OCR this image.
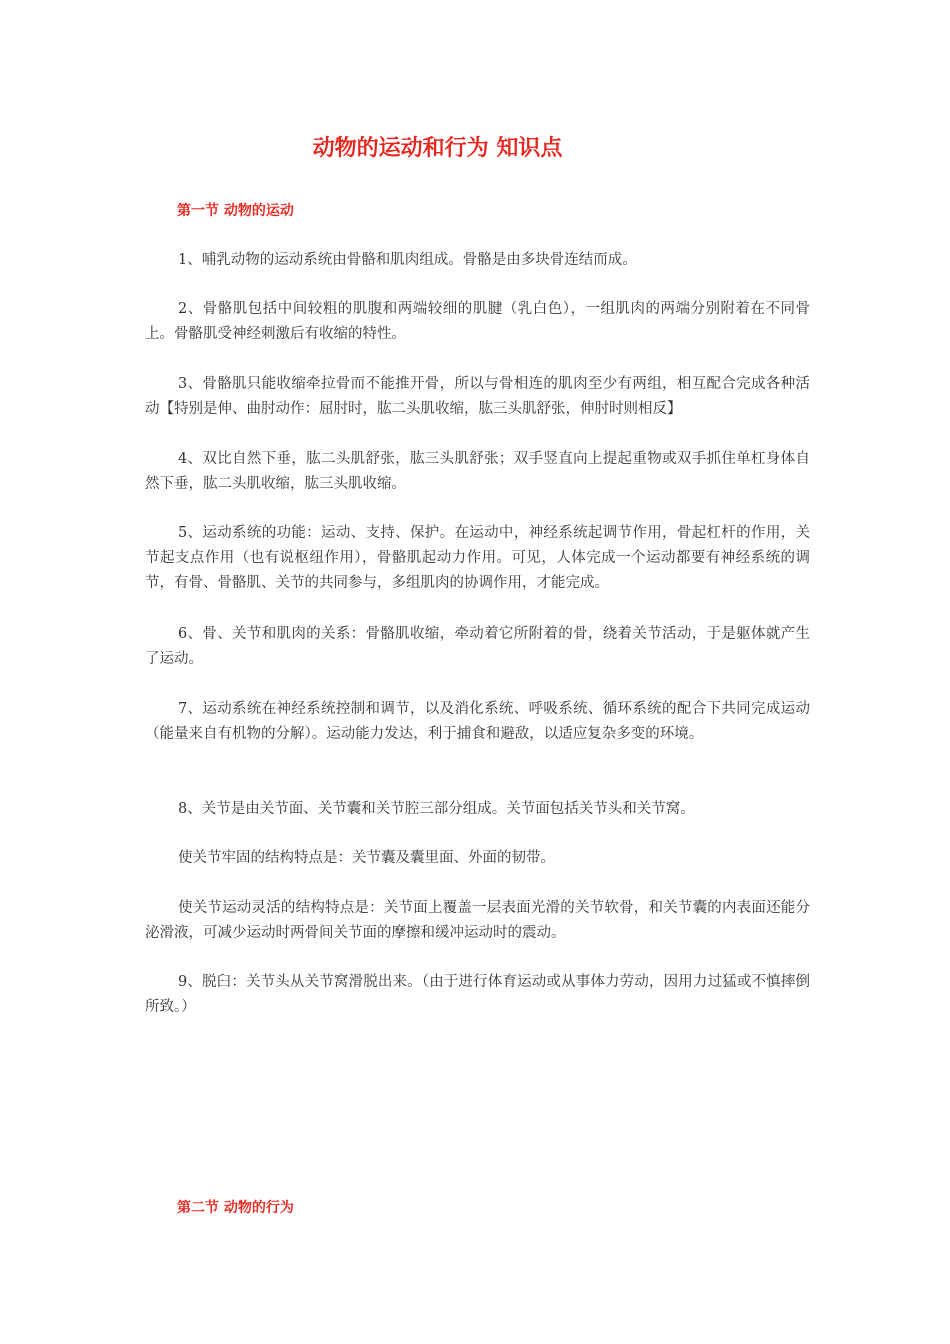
动物的运动和行为 知识点
第一节 动物的运动

1、哺乳动物的运动系统由骨骼和肌肉组成。骨骼是由多块骨连结而成。

2、骨骼肌包括中间较粗的肌腹和两端较细的肌腱（乳白色），一组肌肉的两端分别附着在不同骨上。骨骼肌受神经刺激后有收缩的特性。

3、骨骼肌只能收缩牵拉骨而不能推开骨，所以与骨相连的肌肉至少有两组，相互配合完成各种活动【特别是伸、曲肘动作：屈肘时，肱二头肌收缩，肱三头肌舒张，伸肘时则相反】

4、双比自然下垂，肱二头肌舒张，肱三头肌舒张；双手竖直向上提起重物或双手抓住单杠身体自然下垂，肱二头肌收缩，肱三头肌收缩。

5、运动系统的功能：运动、支持、保护。在运动中，神经系统起调节作用，骨起杠杆的作用，关节起支点作用（也有说枢纽作用），骨骼肌起动力作用。可见，人体完成一个运动都要有神经系统的调节，有骨、骨骼肌、关节的共同参与，多组肌肉的协调作用，才能完成。

6、骨、关节和肌肉的关系：骨骼肌收缩，牵动着它所附着的骨，绕着关节活动，于是躯体就产生了运动。

7、运动系统在神经系统控制和调节，以及消化系统、呼吸系统、循环系统的配合下共同完成运动（能量来自有机物的分解）。运动能力发达，利于捕食和避敌，以适应复杂多变的环境。

8、关节是由关节面、关节囊和关节腔三部分组成。关节面包括关节头和关节窝。

使关节牢固的结构特点是：关节囊及囊里面、外面的韧带。

使关节运动灵活的结构特点是：关节面上覆盖一层表面光滑的关节软骨，和关节囊的内表面还能分泌滑液，可减少运动时两骨间关节面的摩擦和缓冲运动时的震动。

9、脱臼：关节头从关节窝滑脱出来。（由于进行体育运动或从事体力劳动，因用力过猛或不慎摔倒所致。）

第二节 动物的行为
